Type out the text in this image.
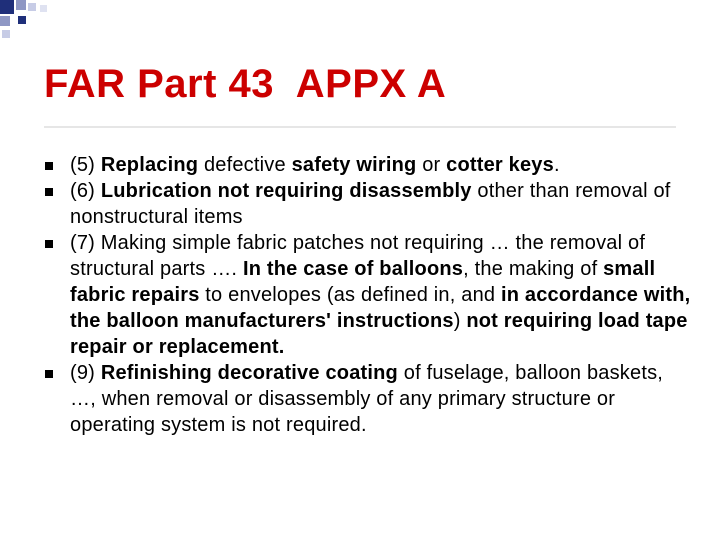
FAR Part 43  APPX A
(5) Replacing defective safety wiring or cotter keys.
(6) Lubrication not requiring disassembly other than removal of nonstructural items
(7) Making simple fabric patches not requiring … the removal of structural parts …. In the case of balloons, the making of small fabric repairs to envelopes (as defined in, and in accordance with, the balloon manufacturers' instructions) not requiring load tape repair or replacement.
(9) Refinishing decorative coating of fuselage, balloon baskets, …, when removal or disassembly of any primary structure or operating system is not required.
